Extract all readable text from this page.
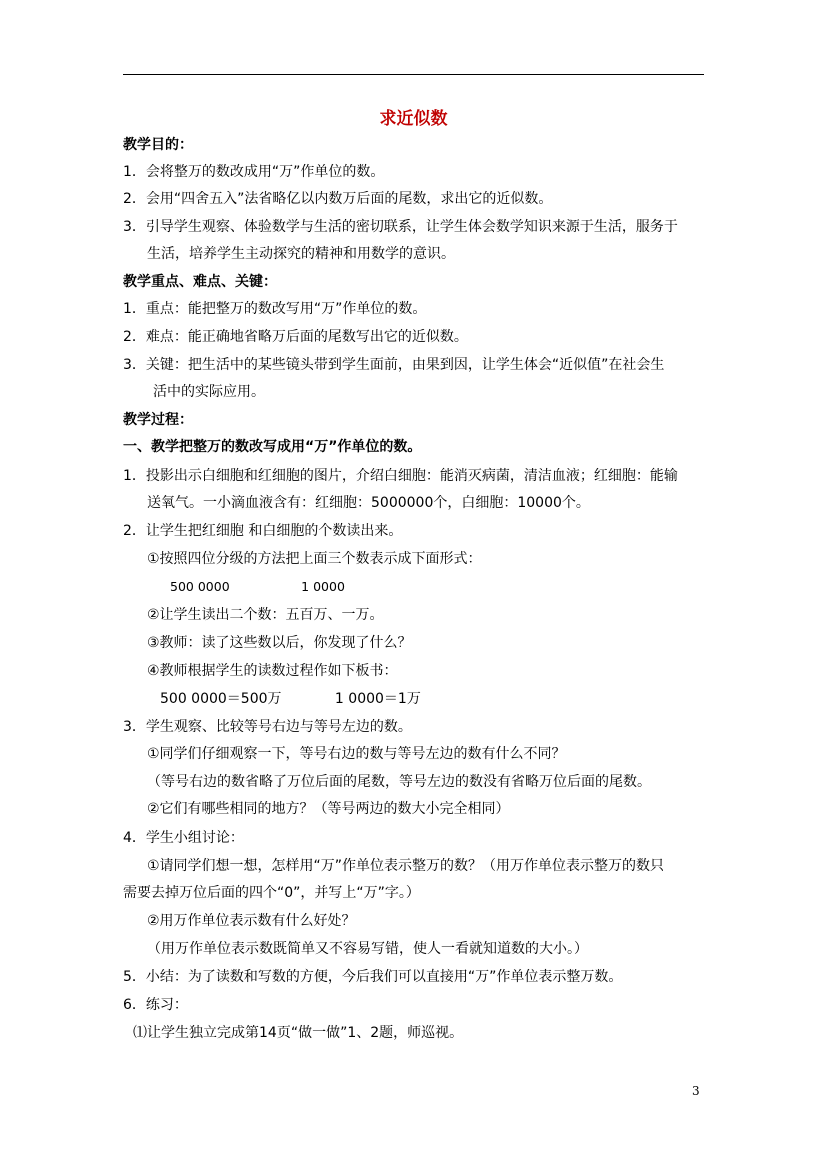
求近似数
教学目的：
1．会将整万的数改成用“万”作单位的数。
2．会用“四舍五入”法省略亿以内数万后面的尾数，求出它的近似数。
3．引导学生观察、体验数学与生活的密切联系，让学生体会数学知识来源于生活，服务于
生活，培养学生主动探究的精神和用数学的意识。
教学重点、难点、关键：
1．重点：能把整万的数改写用“万”作单位的数。
2．难点：能正确地省略万后面的尾数写出它的近似数。
3．关键：把生活中的某些镜头带到学生面前，由果到因，让学生体会“近似值”在社会生
活中的实际应用。
教学过程：
一、教学把整万的数改写成用“万”作单位的数。
1．投影出示白细胞和红细胞的图片，介绍白细胞：能消灭病菌，清洁血液；红细胞：能输
送氧气。一小滴血液含有：红细胞：5000000个，白细胞：10000个。
2．让学生把红细胞 和白细胞的个数读出来。
①按照四位分级的方法把上面三个数表示成下面形式：
500 0000                  1 0000
②让学生读出二个数：五百万、一万。
③教师：读了这些数以后，你发现了什么？
④教师根据学生的读数过程作如下板书：
500 0000＝500万            1 0000＝1万
3．学生观察、比较等号右边与等号左边的数。
①同学们仔细观察一下，等号右边的数与等号左边的数有什么不同？
（等号右边的数省略了万位后面的尾数，等号左边的数没有省略万位后面的尾数。
②它们有哪些相同的地方？（等号两边的数大小完全相同）
4．学生小组讨论：
①请同学们想一想，怎样用“万”作单位表示整万的数？（用万作单位表示整万的数只
需要去掉万位后面的四个“0”，并写上“万”字。）
②用万作单位表示数有什么好处？
（用万作单位表示数既简单又不容易写错，使人一看就知道数的大小。）
5．小结：为了读数和写数的方便，今后我们可以直接用“万”作单位表示整万数。
6．练习：
⑴让学生独立完成第14页“做一做”1、2题，师巡视。
3
